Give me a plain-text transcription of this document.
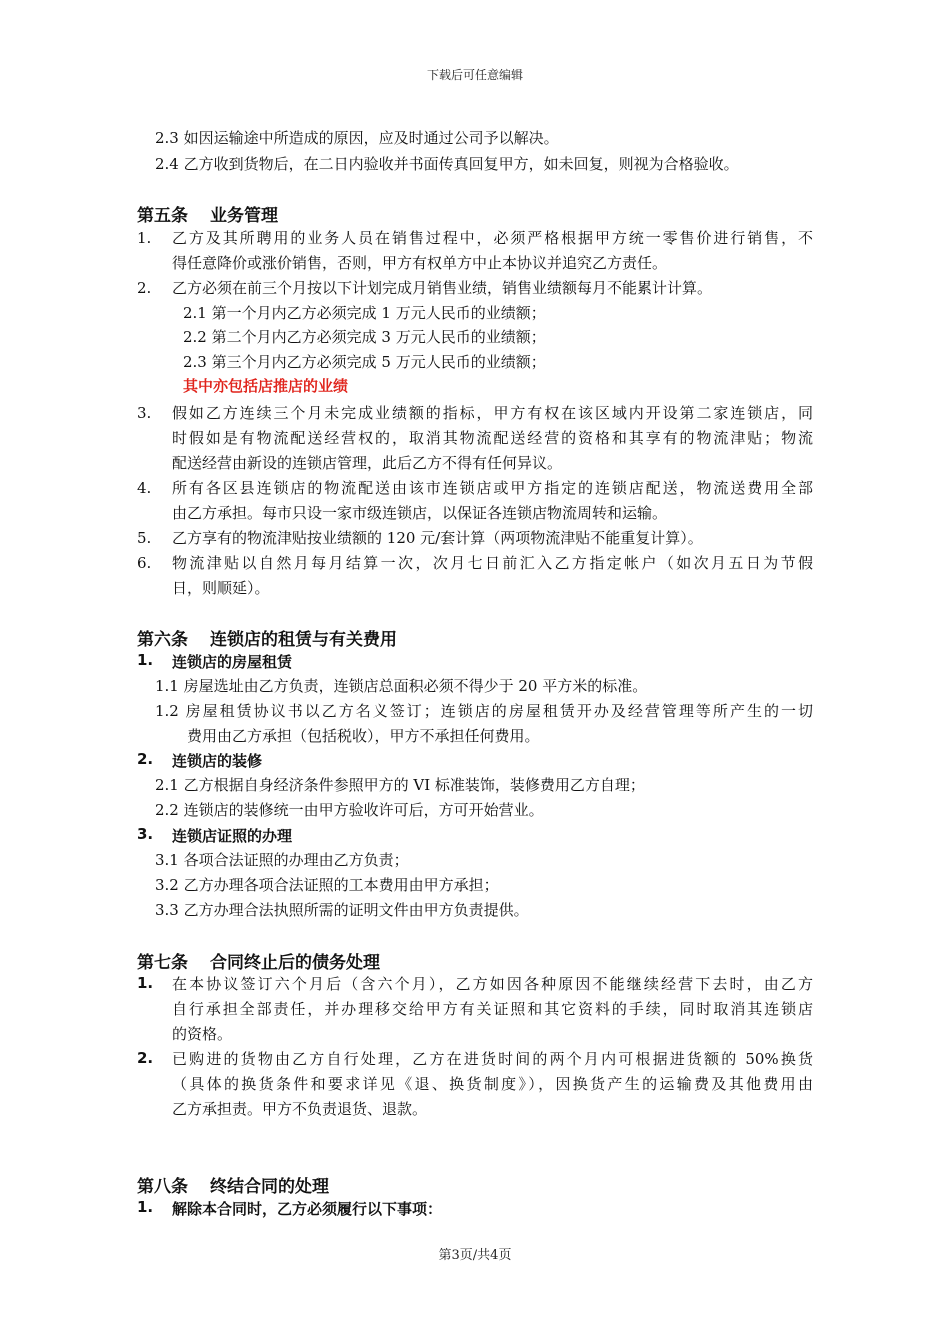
下载后可任意编辑
2.3 如因运输途中所造成的原因，应及时通过公司予以解决。
2.4 乙方收到货物后，在二日内验收并书面传真回复甲方，如未回复，则视为合格验收。
第五条 业务管理
1. 乙方及其所聘用的业务人员在销售过程中，必须严格根据甲方统一零售价进行销售，不
得任意降价或涨价销售，否则，甲方有权单方中止本协议并追究乙方责任。
2. 乙方必须在前三个月按以下计划完成月销售业绩，销售业绩额每月不能累计计算。
2.1 第一个月内乙方必须完成 1 万元人民币的业绩额；
2.2 第二个月内乙方必须完成 3 万元人民币的业绩额；
2.3 第三个月内乙方必须完成 5 万元人民币的业绩额；
其中亦包括店推店的业绩
3. 假如乙方连续三个月未完成业绩额的指标，甲方有权在该区域内开设第二家连锁店，同
时假如是有物流配送经营权的，取消其物流配送经营的资格和其享有的物流津贴；物流
配送经营由新设的连锁店管理，此后乙方不得有任何异议。
4. 所有各区县连锁店的物流配送由该市连锁店或甲方指定的连锁店配送，物流送费用全部
由乙方承担。每市只设一家市级连锁店，以保证各连锁店物流周转和运输。
5. 乙方享有的物流津贴按业绩额的 120 元/套计算（两项物流津贴不能重复计算）。
6. 物流津贴以自然月每月结算一次，次月七日前汇入乙方指定帐户（如次月五日为节假
日，则顺延）。
第六条 连锁店的租赁与有关费用
1. 连锁店的房屋租赁
1.1 房屋选址由乙方负责，连锁店总面积必须不得少于 20 平方米的标准。
1.2 房屋租赁协议书以乙方名义签订；连锁店的房屋租赁开办及经营管理等所产生的一切
费用由乙方承担（包括税收），甲方不承担任何费用。
2. 连锁店的装修
2.1 乙方根据自身经济条件参照甲方的 VI 标准装饰，装修费用乙方自理；
2.2 连锁店的装修统一由甲方验收许可后，方可开始营业。
3. 连锁店证照的办理
3.1 各项合法证照的办理由乙方负责；
3.2 乙方办理各项合法证照的工本费用由甲方承担；
3.3 乙方办理合法执照所需的证明文件由甲方负责提供。
第七条 合同终止后的债务处理
1. 在本协议签订六个月后（含六个月），乙方如因各种原因不能继续经营下去时，由乙方
自行承担全部责任，并办理移交给甲方有关证照和其它资料的手续，同时取消其连锁店
的资格。
2. 已购进的货物由乙方自行处理，乙方在进货时间的两个月内可根据进货额的 50%换货
（具体的换货条件和要求详见《退、换货制度》），因换货产生的运输费及其他费用由
乙方承担责。甲方不负责退货、退款。
第八条 终结合同的处理
1. 解除本合同时，乙方必须履行以下事项：
第3页/共4页
